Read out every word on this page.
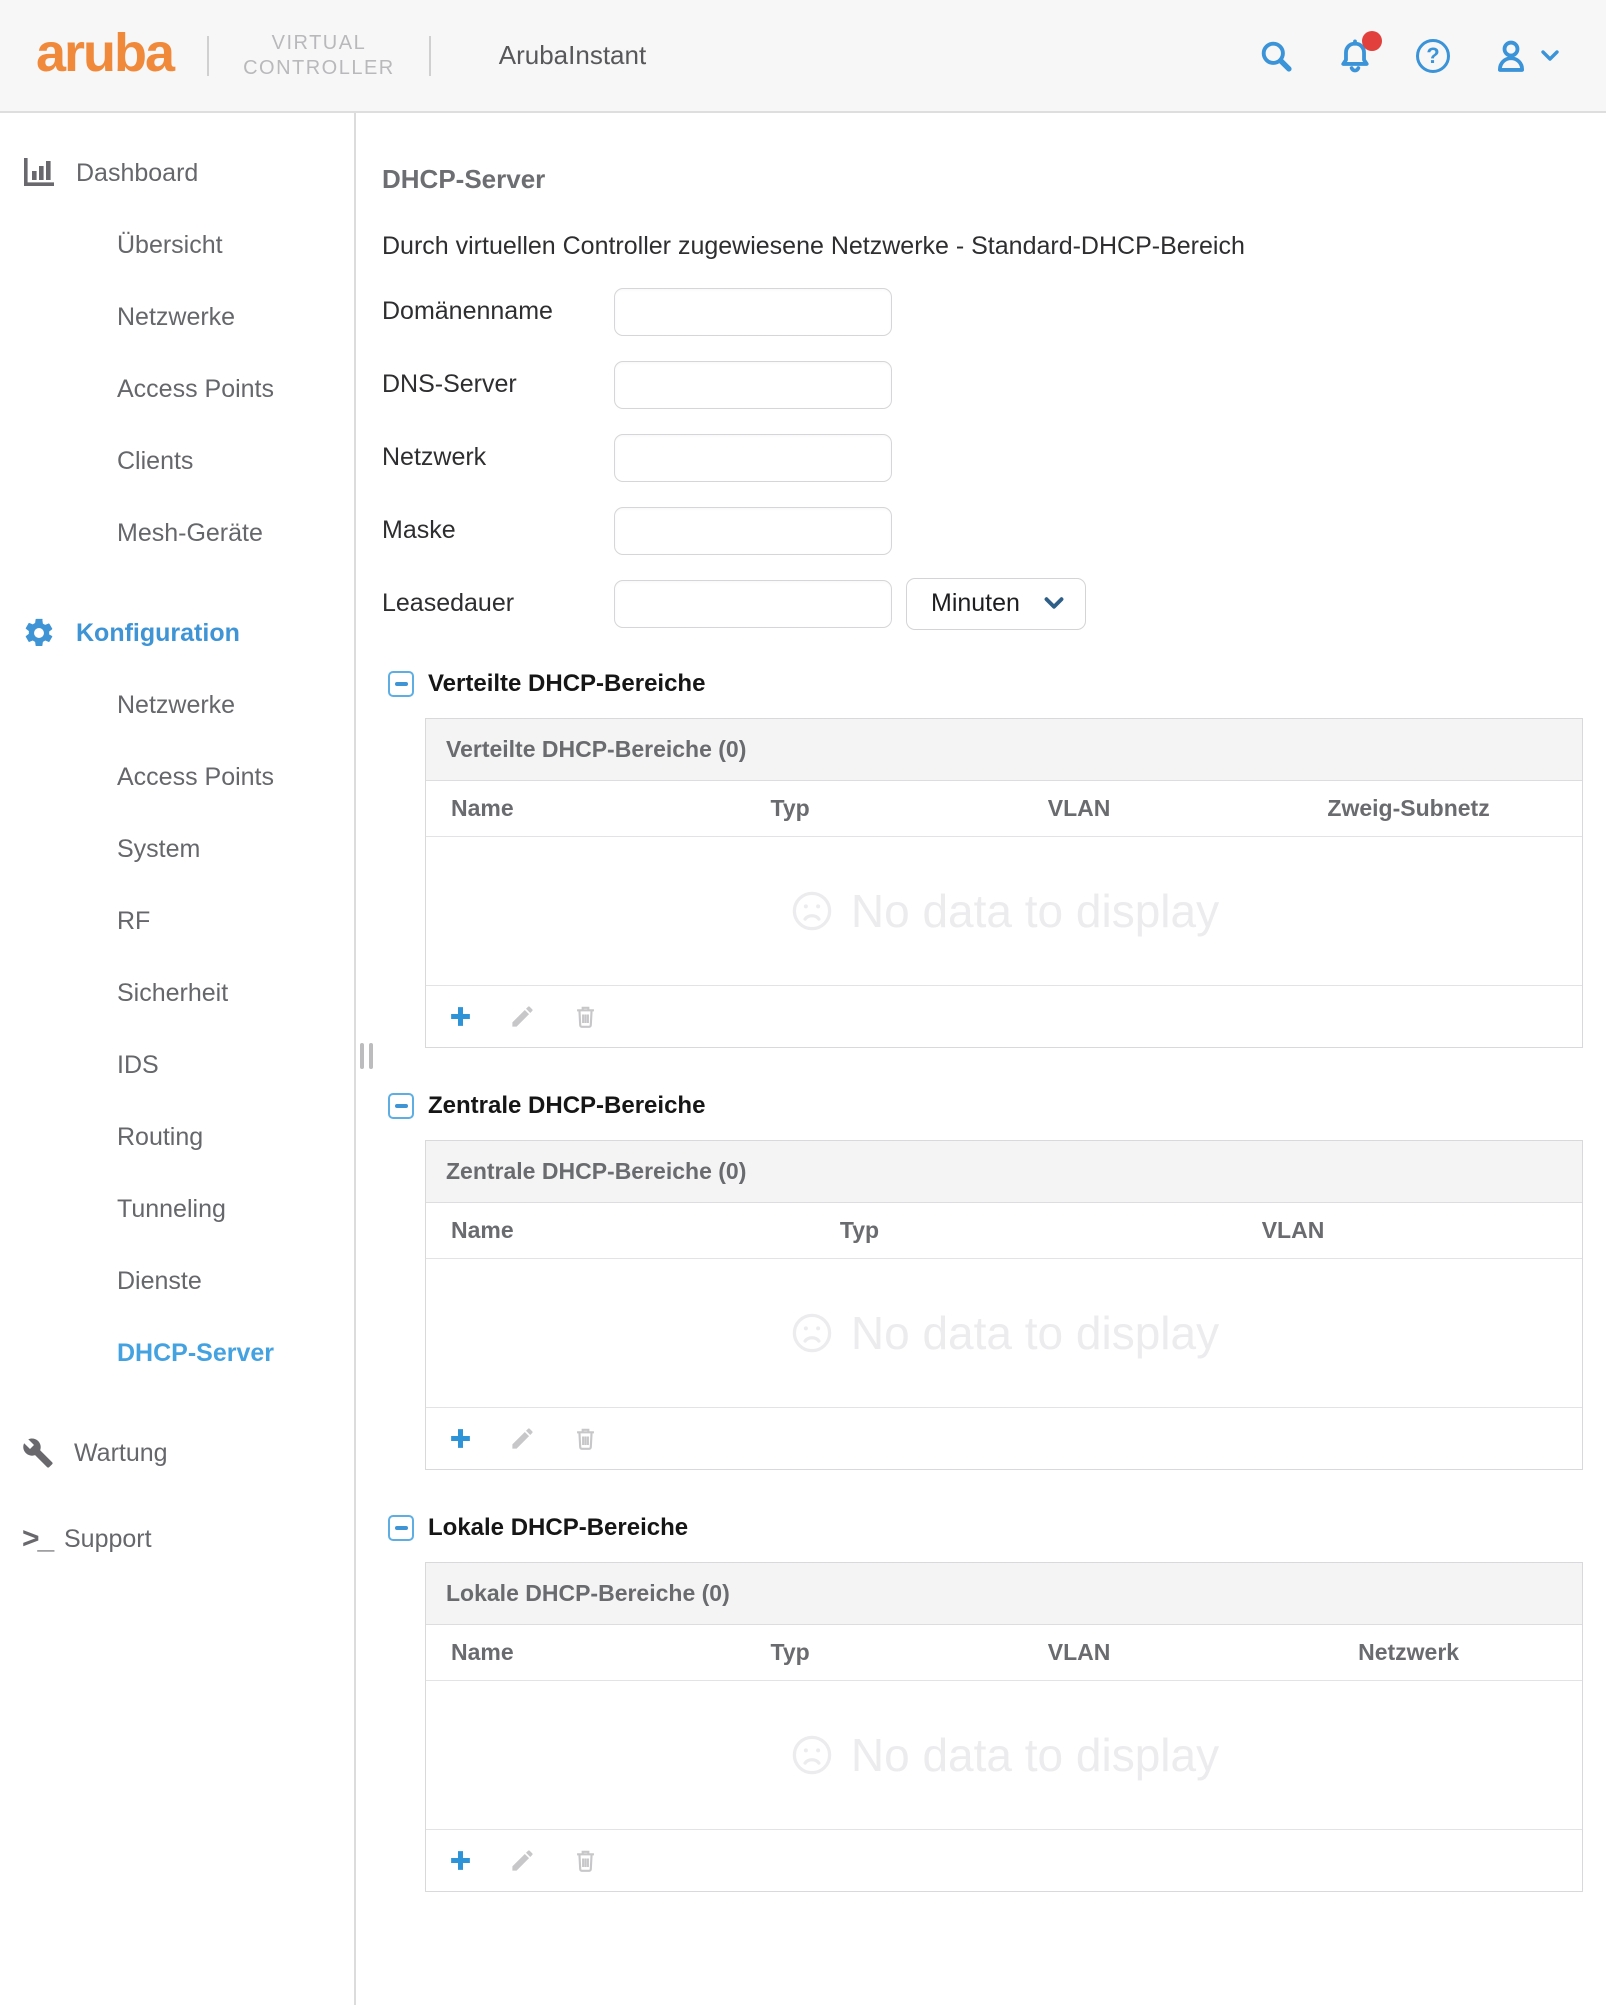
aruba	VIRTUAL
CONTROLLER	ArubaInstant	?
Dashboard
Übersicht
Netzwerke
Access Points
Clients
Mesh-Geräte
Konfiguration
Netzwerke
Access Points
System
RF
Sicherheit
IDS
Routing
Tunneling
Dienste
DHCP-Server
Wartung
>_ Support
DHCP-Server
Durch virtuellen Controller zugewiesene Netzwerke - Standard-DHCP-Bereich
Domänenname
DNS-Server
Netzwerk
Maske
Leasedauer	Minuten
Verteilte DHCP-Bereiche
Verteilte DHCP-Bereiche (0)
Name	Typ	VLAN	Zweig-Subnetz
No data to display
Zentrale DHCP-Bereiche
Zentrale DHCP-Bereiche (0)
Name	Typ	VLAN
No data to display
Lokale DHCP-Bereiche
Lokale DHCP-Bereiche (0)
Name	Typ	VLAN	Netzwerk
No data to display
